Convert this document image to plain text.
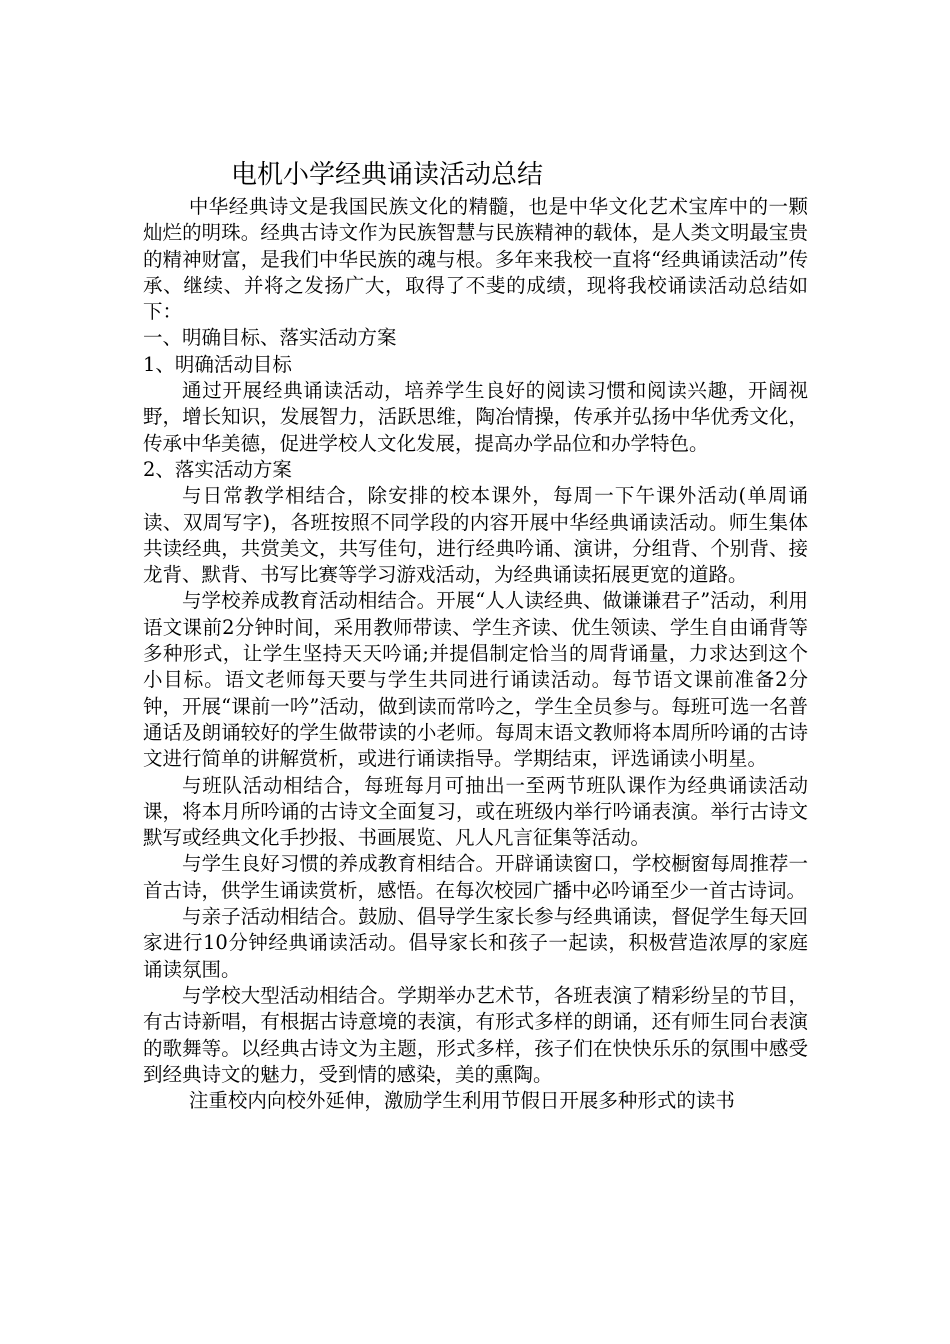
电机小学经典诵读活动总结

中华经典诗文是我国民族文化的精髓，也是中华文化艺术宝库中的一颗灿烂的明珠。经典古诗文作为民族智慧与民族精神的载体，是人类文明最宝贵的精神财富，是我们中华民族的魂与根。多年来我校一直将“经典诵读活动”传承、继续、并将之发扬广大，取得了不斐的成绩，现将我校诵读活动总结如下：

一、明确目标、落实活动方案

1、明确活动目标

通过开展经典诵读活动，培养学生良好的阅读习惯和阅读兴趣，开阔视野，增长知识，发展智力，活跃思维，陶冶情操，传承并弘扬中华优秀文化，传承中华美德，促进学校人文化发展，提高办学品位和办学特色。

2、落实活动方案

与日常教学相结合，除安排的校本课外，每周一下午课外活动(单周诵读、双周写字)，各班按照不同学段的内容开展中华经典诵读活动。师生集体共读经典，共赏美文，共写佳句，进行经典吟诵、演讲，分组背、个别背、接龙背、默背、书写比赛等学习游戏活动，为经典诵读拓展更宽的道路。

与学校养成教育活动相结合。开展“人人读经典、做谦谦君子”活动，利用语文课前2分钟时间，采用教师带读、学生齐读、优生领读、学生自由诵背等多种形式，让学生坚持天天吟诵;并提倡制定恰当的周背诵量，力求达到这个小目标。语文老师每天要与学生共同进行诵读活动。每节语文课前准备2分钟，开展“课前一吟”活动，做到读而常吟之，学生全员参与。每班可选一名普通话及朗诵较好的学生做带读的小老师。每周末语文教师将本周所吟诵的古诗文进行简单的讲解赏析，或进行诵读指导。学期结束，评选诵读小明星。

与班队活动相结合，每班每月可抽出一至两节班队课作为经典诵读活动课，将本月所吟诵的古诗文全面复习，或在班级内举行吟诵表演。举行古诗文默写或经典文化手抄报、书画展览、凡人凡言征集等活动。

与学生良好习惯的养成教育相结合。开辟诵读窗口，学校橱窗每周推荐一首古诗，供学生诵读赏析，感悟。在每次校园广播中必吟诵至少一首古诗词。

与亲子活动相结合。鼓励、倡导学生家长参与经典诵读，督促学生每天回家进行10分钟经典诵读活动。倡导家长和孩子一起读，积极营造浓厚的家庭诵读氛围。

与学校大型活动相结合。学期举办艺术节，各班表演了精彩纷呈的节目，有古诗新唱，有根据古诗意境的表演，有形式多样的朗诵，还有师生同台表演的歌舞等。以经典古诗文为主题，形式多样，孩子们在快快乐乐的氛围中感受到经典诗文的魅力，受到情的感染，美的熏陶。

注重校内向校外延伸，激励学生利用节假日开展多种形式的读书
